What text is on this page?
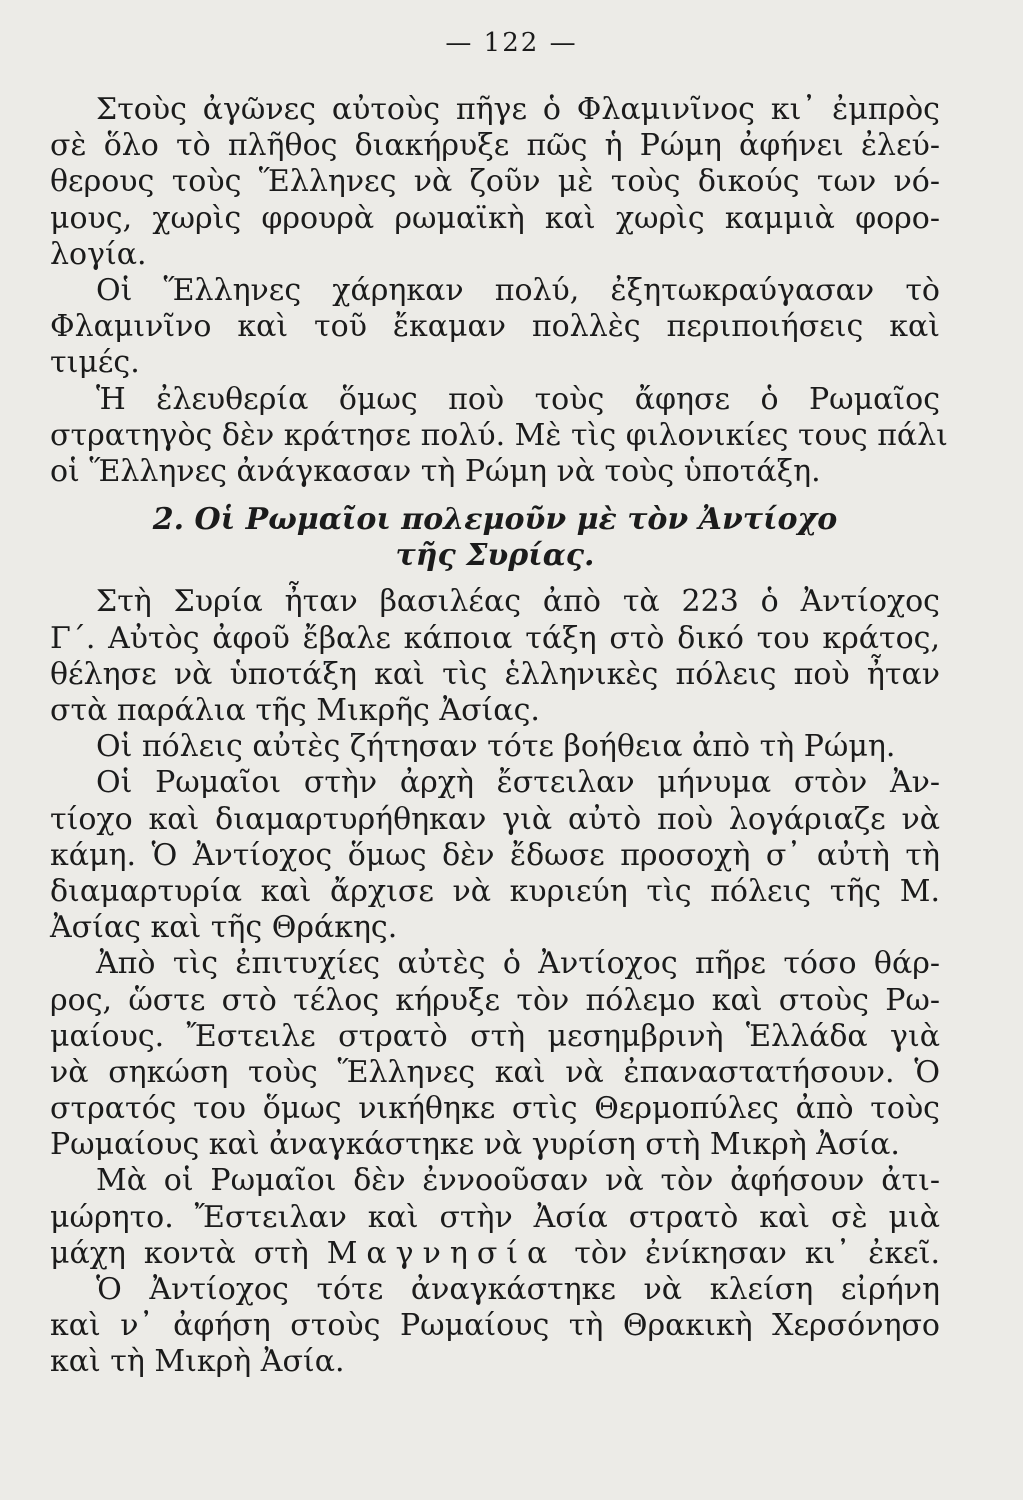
— 122 —
Στοὺς ἀγῶνες αὐτοὺς πῆγε ὁ Φλαμινῖνος κι᾽ ἐμπρὸς
σὲ ὅλο τὸ πλῆθος διακήρυξε πῶς ἡ Ρώμη ἀφήνει ἐλεύ-
θερους τοὺς Ἕλληνες νὰ ζοῦν μὲ τοὺς δικούς των νό-
μους, χωρὶς φρουρὰ ρωμαϊκὴ καὶ χωρὶς καμμιὰ φορο-
λογία.
Οἱ Ἕλληνες χάρηκαν πολύ, ἐξητωκραύγασαν τὸ
Φλαμινῖνο καὶ τοῦ ἔκαμαν πολλὲς περιποιήσεις καὶ
τιμές.
Ἡ ἐλευθερία ὅμως ποὺ τοὺς ἄφησε ὁ Ρωμαῖος
στρατηγὸς δὲν κράτησε πολύ. Μὲ τὶς φιλονικίες τους πάλι
οἱ Ἕλληνες ἀνάγκασαν τὴ Ρώμη νὰ τοὺς ὑποτάξη.
2. Οἱ Ρωμαῖοι πολεμοῦν μὲ τὸν Ἀντίοχο
τῆς Συρίας.
Στὴ Συρία ἦταν βασιλέας ἀπὸ τὰ 223 ὁ Ἀντίοχος
Γ΄. Αὐτὸς ἀφοῦ ἔβαλε κάποια τάξη στὸ δικό του κράτος,
θέλησε νὰ ὑποτάξη καὶ τὶς ἑλληνικὲς πόλεις ποὺ ἦταν
στὰ παράλια τῆς Μικρῆς Ἀσίας.
Οἱ πόλεις αὐτὲς ζήτησαν τότε βοήθεια ἀπὸ τὴ Ρώμη.
Οἱ Ρωμαῖοι στὴν ἀρχὴ ἔστειλαν μήνυμα στὸν Ἀν-
τίοχο καὶ διαμαρτυρήθηκαν γιὰ αὐτὸ ποὺ λογάριαζε νὰ
κάμη. Ὁ Ἀντίοχος ὅμως δὲν ἔδωσε προσοχὴ σ᾽ αὐτὴ τὴ
διαμαρτυρία καὶ ἄρχισε νὰ κυριεύη τὶς πόλεις τῆς Μ.
Ἀσίας καὶ τῆς Θράκης.
Ἀπὸ τὶς ἐπιτυχίες αὐτὲς ὁ Ἀντίοχος πῆρε τόσο θάρ-
ρος, ὥστε στὸ τέλος κήρυξε τὸν πόλεμο καὶ στοὺς Ρω-
μαίους. Ἔστειλε στρατὸ στὴ μεσημβρινὴ Ἑλλάδα γιὰ
νὰ σηκώση τοὺς Ἕλληνες καὶ νὰ ἐπαναστατήσουν. Ὁ
στρατός του ὅμως νικήθηκε στὶς Θερμοπύλες ἀπὸ τοὺς
Ρωμαίους καὶ ἀναγκάστηκε νὰ γυρίση στὴ Μικρὴ Ἀσία.
Μὰ οἱ Ρωμαῖοι δὲν ἐννοοῦσαν νὰ τὸν ἀφήσουν ἀτι-
μώρητο. Ἔστειλαν καὶ στὴν Ἀσία στρατὸ καὶ σὲ μιὰ
μάχη κοντὰ στὴ Μαγνησία τὸν ἐνίκησαν κι᾽ ἐκεῖ.
Ὁ Ἀντίοχος τότε ἀναγκάστηκε νὰ κλείση εἰρήνη
καὶ ν᾽ ἀφήση στοὺς Ρωμαίους τὴ Θρακικὴ Χερσόνησο
καὶ τὴ Μικρὴ Ἀσία.
